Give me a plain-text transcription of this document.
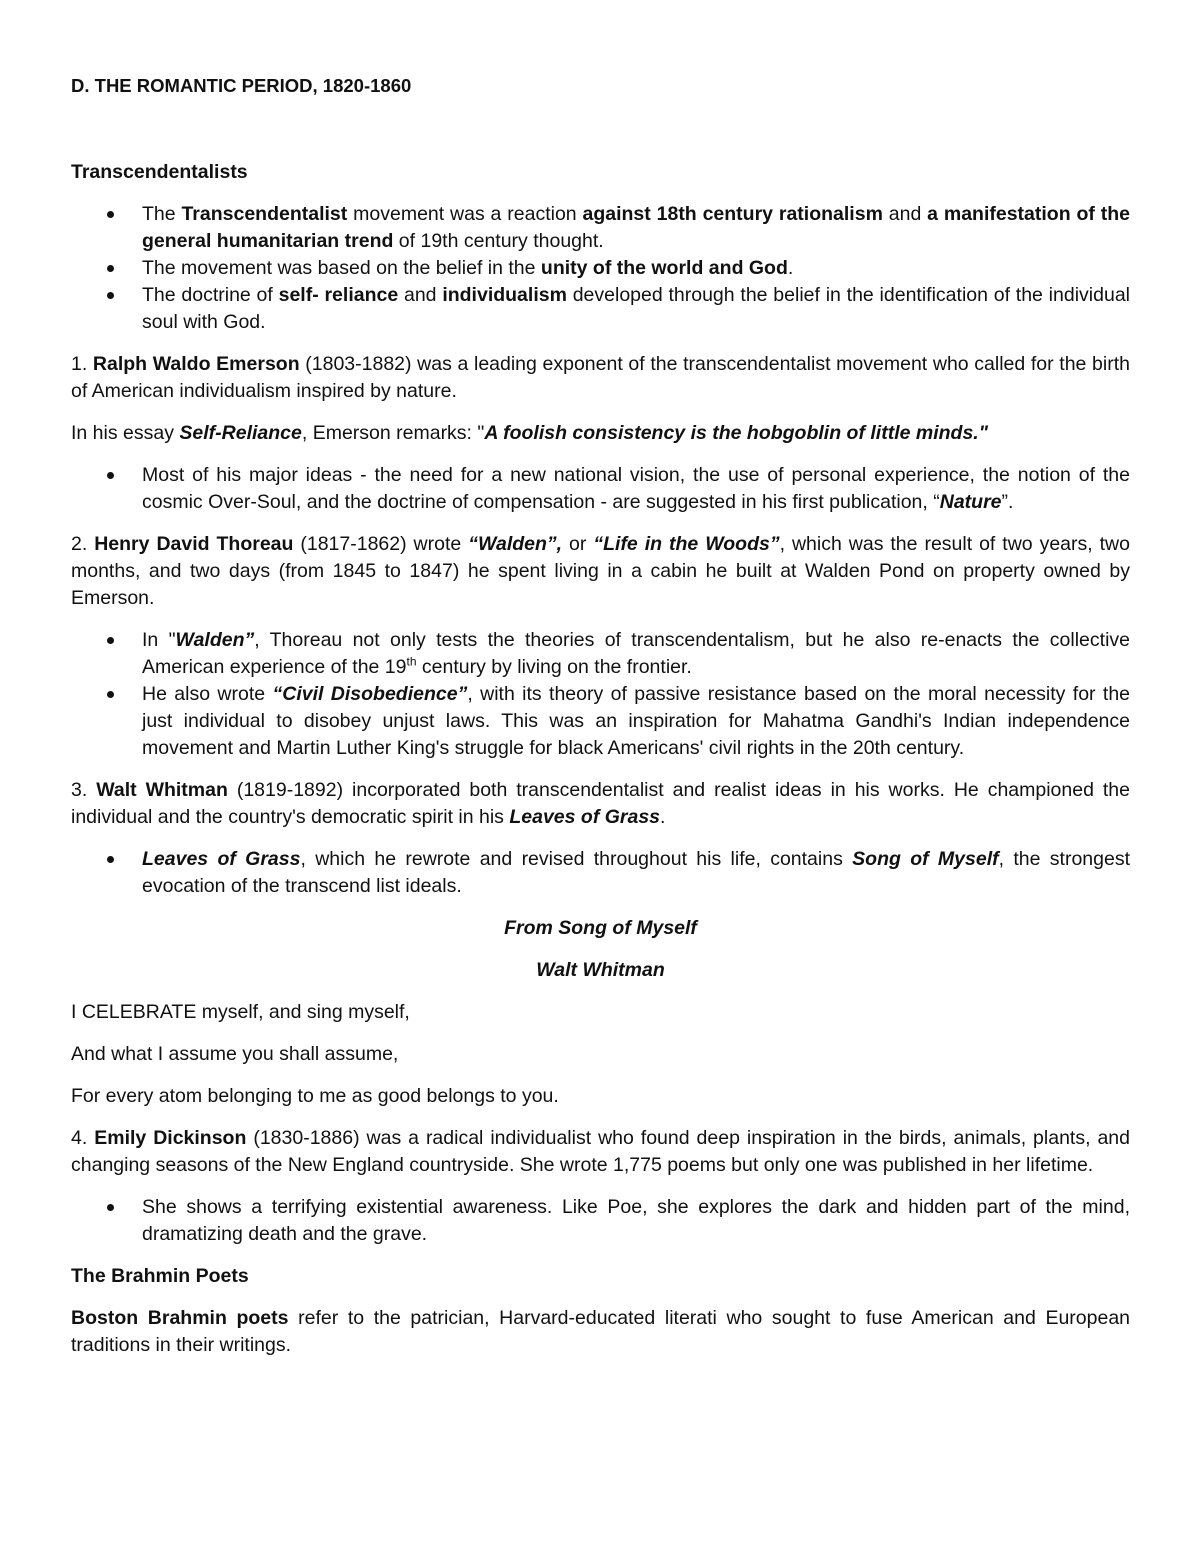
D. THE ROMANTIC PERIOD, 1820-1860
Transcendentalists
The Transcendentalist movement was a reaction against 18th century rationalism and a manifestation of the general humanitarian trend of 19th century thought.
The movement was based on the belief in the unity of the world and God.
The doctrine of self- reliance and individualism developed through the belief in the identification of the individual soul with God.

1. Ralph Waldo Emerson (1803-1882) was a leading exponent of the transcendentalist movement who called for the birth of American individualism inspired by nature.

In his essay Self-Reliance, Emerson remarks: "A foolish consistency is the hobgoblin of little minds."

Most of his major ideas - the need for a new national vision, the use of personal experience, the notion of the cosmic Over-Soul, and the doctrine of compensation - are suggested in his first publication, “Nature”.

2. Henry David Thoreau (1817-1862) wrote “Walden”, or “Life in the Woods”, which was the result of two years, two months, and two days (from 1845 to 1847) he spent living in a cabin he built at Walden Pond on property owned by Emerson.

In "Walden”, Thoreau not only tests the theories of transcendentalism, but he also re-enacts the collective American experience of the 19th century by living on the frontier.
He also wrote “Civil Disobedience”, with its theory of passive resistance based on the moral necessity for the just individual to disobey unjust laws. This was an inspiration for Mahatma Gandhi's Indian independence movement and Martin Luther King's struggle for black Americans' civil rights in the 20th century.

3. Walt Whitman (1819-1892) incorporated both transcendentalist and realist ideas in his works. He championed the individual and the country's democratic spirit in his Leaves of Grass.

Leaves of Grass, which he rewrote and revised throughout his life, contains Song of Myself, the strongest evocation of the transcend list ideals.

From Song of Myself

Walt Whitman

I CELEBRATE myself, and sing myself,

And what I assume you shall assume,

For every atom belonging to me as good belongs to you.

4. Emily Dickinson (1830-1886) was a radical individualist who found deep inspiration in the birds, animals, plants, and changing seasons of the New England countryside. She wrote 1,775 poems but only one was published in her lifetime.

She shows a terrifying existential awareness. Like Poe, she explores the dark and hidden part of the mind, dramatizing death and the grave.
The Brahmin Poets

Boston Brahmin poets refer to the patrician, Harvard-educated literati who sought to fuse American and European traditions in their writings.
